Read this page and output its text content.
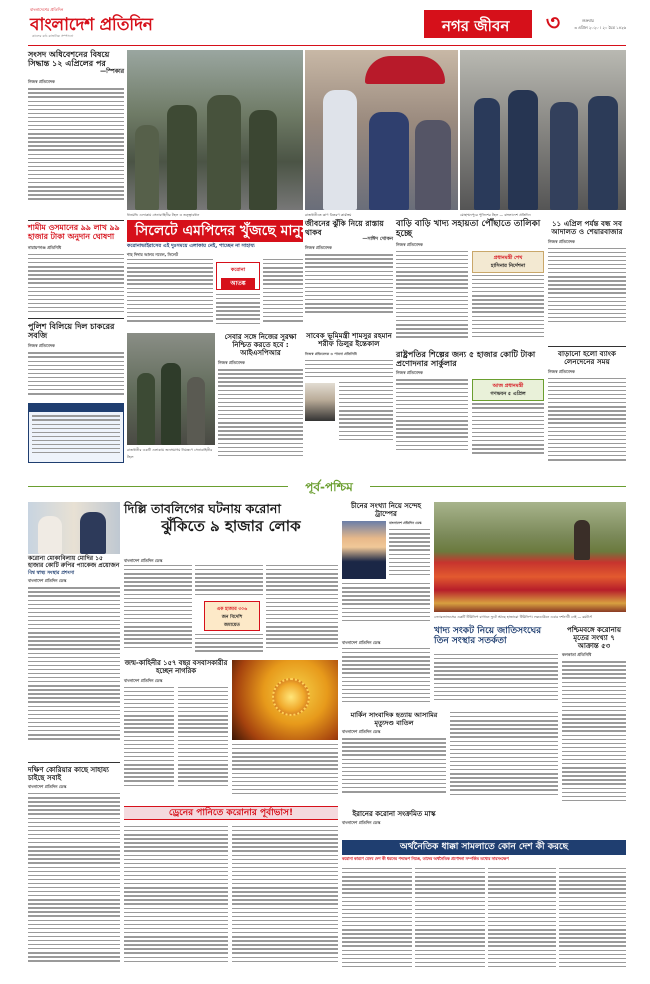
বাংলাদেশের প্রতিদিন
বাংলাদেশ প্রতিদিন
কালের কণ্ঠ কাল্পনিক সম্পাদনা
নগর জীবন	৩	শুক্রবার
৩ এপ্রিল ২০২০ । ২০ চৈত্র ১৪২৬
সংসদ অধিবেশনের বিষয়ে সিদ্ধান্ত ১২ এপ্রিলের পর
—স্পিকার
নিজস্ব প্রতিবেদক
শামীম ওসমানের ৯৯ লাখ ৯৯ হাজার টাকা অনুদান ঘোষণা
নারায়ণগঞ্জ প্রতিনিধি
পুলিশ বিলিয়ে দিল চাকরের সবজি
নিজস্ব প্রতিবেদক
ধানমন্ডি এলাকায় সেনাবাহিনীর টহল ও তত্ত্বাবধান	রাজধানীতে ত্রাণ বিতরণ কার্যক্রম	মোহাম্মদপুরে পুলিশের টহল — বাংলাদেশ প্রতিদিন
সিলেটে এমপিদের খুঁজছে মানুষ
করোনাভাইরাসের এই দুঃসময়ে এলাকায় নেই, পাচ্ছেন না সাহায্য
শাহ দিদার আলম নবেল, সিলেট
করোনা
আতঙ্ক
রাজধানীর একটি এলাকায় জনসমাগম নিয়ন্ত্রণে সেনাবাহিনীর টহল
সেবার সঙ্গে নিজের সুরক্ষা নিশ্চিত করতে হবে : আইএসপিআর
নিজস্ব প্রতিবেদক
জীবনের ঝুঁকি নিয়ে রাস্তায় থাকব
—সাঈদ খোকন
নিজস্ব প্রতিবেদক
সাবেক ভূমিমন্ত্রী শামসুর রহমান শরীফ ডিলুর ইন্তেকাল
নিজস্ব প্রতিবেদক ও পাবনা প্রতিনিধি
বাড়ি বাড়ি খাদ্য সহায়তা পৌঁছাতে তালিকা হচ্ছে
নিজস্ব প্রতিবেদক
প্রধানমন্ত্রী শেখ
হাসিনার নির্দেশনা
রাষ্ট্রপতির শিল্পের জন্য ৫ হাজার কোটি টাকা প্রণোদনার সার্কুলার
নিজস্ব প্রতিবেদক
আজ প্রধানমন্ত্রী
গণভবন ৫ এপ্রিল
১১ এপ্রিল পর্যন্ত বন্ধ সব আদালত ও শেয়ারবাজার
নিজস্ব প্রতিবেদক
বাড়ানো হলো ব্যাংক লেনদেনের সময়
নিজস্ব প্রতিবেদক
পূর্ব-পশ্চিম
করোনা মোকাবিলায় মোদির ১৫ হাজার কোটি রুপির প্যাকেজ প্রয়োজন
বিশ্ব স্বাস্থ্য সংস্থার প্রশংসা
বাংলাদেশ প্রতিদিন ডেস্ক
দক্ষিণ কোরিয়ার কাছে সাহায্য চাইছে সবাই
বাংলাদেশ প্রতিদিন ডেস্ক
দিল্লি তাবলিগের ঘটনায় করোনা
ঝুঁকিতে ৯ হাজার লোক
বাংলাদেশ প্রতিদিন ডেস্ক
এক হাজার ৩০৬
জন বিদেশি
জমায়েত
জন্ম-কাহিনীর ১৫৭ বছর বসবাসকারীর হচ্ছেন নাগরিক
বাংলাদেশ প্রতিদিন ডেস্ক
ড্রেনের পানিতে করোনার পূর্বাভাস!
চীনের সংখ্যা নিয়ে সন্দেহ ট্রাম্পের
বাংলাদেশ প্রতিদিন ডেস্ক
নেদারল্যান্ডসের একটি টিউলিপ বাগানে ফুটে আছে হাজারো টিউলিপ। লকডাউনে এবার দর্শনার্থী নেই — রয়টার্স
খাদ্য সংকট নিয়ে জাতিসংঘের তিন সংস্থার সতর্কতা
বাংলাদেশ প্রতিদিন ডেস্ক
পশ্চিমবঙ্গে করোনায় মৃতের সংখ্যা ৭ আক্রান্ত ৫৩
কলকাতা প্রতিনিধি
মার্কিন সাংবাদিক হত্যায় আসামির মৃত্যুদণ্ড বাতিল
বাংলাদেশ প্রতিদিন ডেস্ক
ইরানের করোনা সংক্রমিত মাস্ক
বাংলাদেশ প্রতিদিন ডেস্ক
অর্থনৈতিক ধাক্কা সামলাতে কোন দেশ কী করছে
করোনা কারণে যেসব দেশ কী ধরনের পদক্ষেপ নিচ্ছে, তাদের অর্থনৈতিক প্রণোদনা সম্পর্কিত তথ্যের সারসংক্ষেপ
